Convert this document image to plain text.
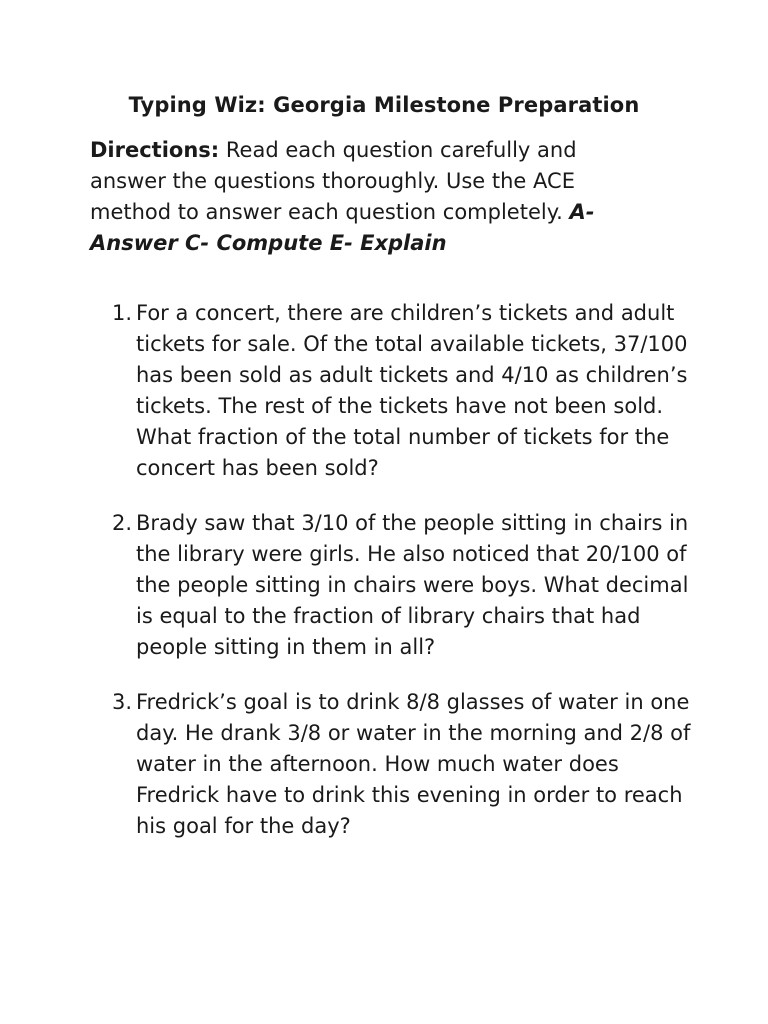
Typing Wiz: Georgia Milestone Preparation

Directions: Read each question carefully and answer the questions thoroughly. Use the ACE method to answer each question completely. A- Answer C- Compute E- Explain

1. For a concert, there are children’s tickets and adult tickets for sale. Of the total available tickets, 37/100 has been sold as adult tickets and 4/10 as children’s tickets. The rest of the tickets have not been sold. What fraction of the total number of tickets for the concert has been sold?
2. Brady saw that 3/10 of the people sitting in chairs in the library were girls. He also noticed that 20/100 of the people sitting in chairs were boys. What decimal is equal to the fraction of library chairs that had people sitting in them in all?
3. Fredrick’s goal is to drink 8/8 glasses of water in one day. He drank 3/8 or water in the morning and 2/8 of water in the afternoon. How much water does Fredrick have to drink this evening in order to reach his goal for the day?
